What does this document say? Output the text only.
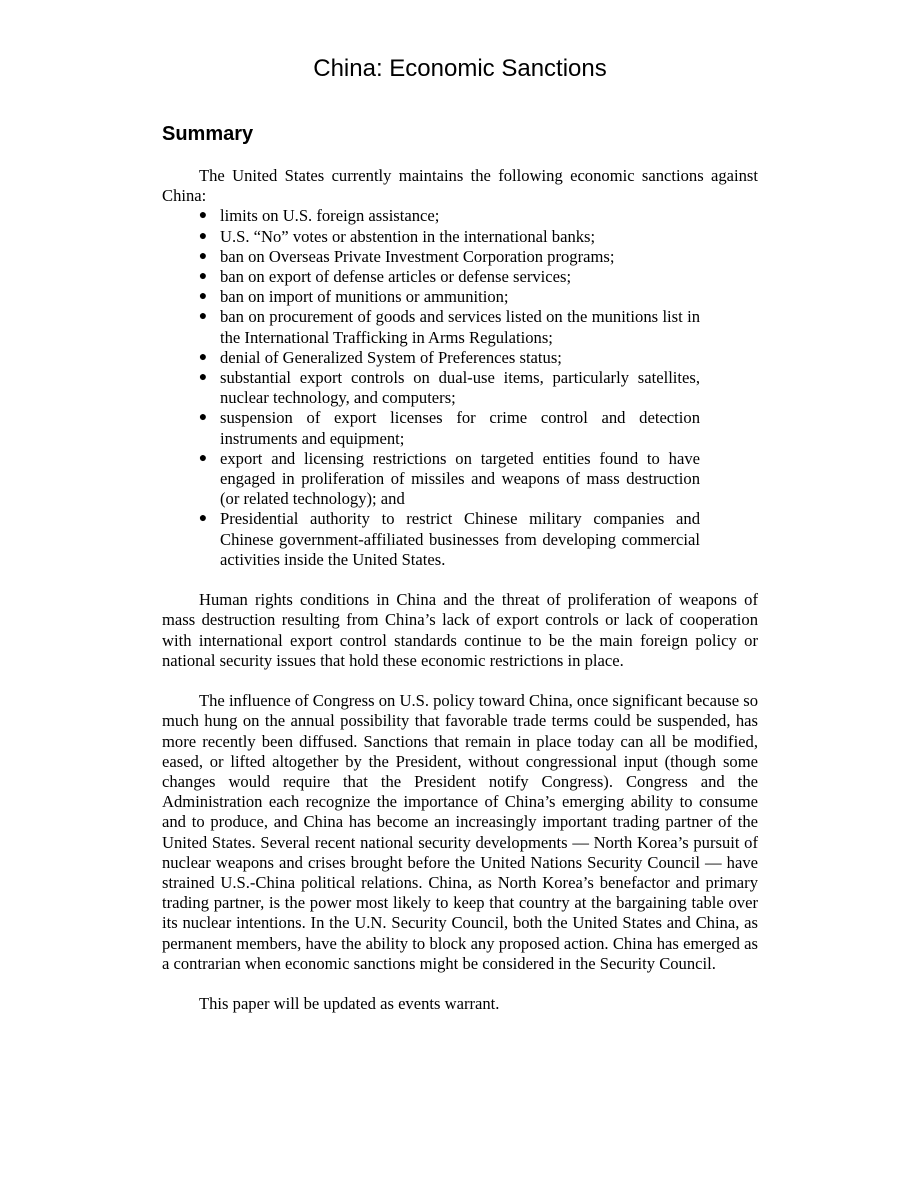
China: Economic Sanctions
Summary

The United States currently maintains the following economic sanctions against China:

● limits on U.S. foreign assistance;
● U.S. “No” votes or abstention in the international banks;
● ban on Overseas Private Investment Corporation programs;
● ban on export of defense articles or defense services;
● ban on import of munitions or ammunition;
● ban on procurement of goods and services listed on the munitions list in the International Trafficking in Arms Regulations;
● denial of Generalized System of Preferences status;
● substantial export controls on dual-use items, particularly satellites, nuclear technology, and computers;
● suspension of export licenses for crime control and detection instruments and equipment;
● export and licensing restrictions on targeted entities found to have engaged in proliferation of missiles and weapons of mass destruction (or related technology); and
● Presidential authority to restrict Chinese military companies and Chinese government-affiliated businesses from developing commercial activities inside the United States.

Human rights conditions in China and the threat of proliferation of weapons of mass destruction resulting from China’s lack of export controls or lack of cooperation with international export control standards continue to be the main foreign policy or national security issues that hold these economic restrictions in place.

The influence of Congress on U.S. policy toward China, once significant because so much hung on the annual possibility that favorable trade terms could be suspended, has more recently been diffused. Sanctions that remain in place today can all be modified, eased, or lifted altogether by the President, without congressional input (though some changes would require that the President notify Congress). Congress and the Administration each recognize the importance of China’s emerging ability to consume and to produce, and China has become an increasingly important trading partner of the United States. Several recent national security developments — North Korea’s pursuit of nuclear weapons and crises brought before the United Nations Security Council — have strained U.S.-China political relations. China, as North Korea’s benefactor and primary trading partner, is the power most likely to keep that country at the bargaining table over its nuclear intentions. In the U.N. Security Council, both the United States and China, as permanent members, have the ability to block any proposed action. China has emerged as a contrarian when economic sanctions might be considered in the Security Council.

This paper will be updated as events warrant.
